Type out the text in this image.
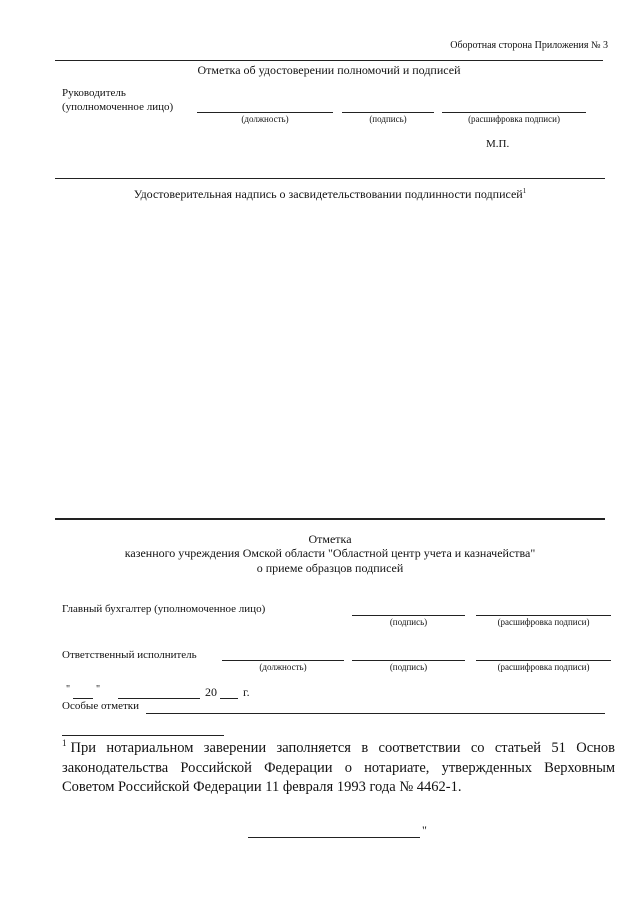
Оборотная сторона Приложения № 3
Отметка об удостоверении полномочий и подписей
Руководитель
(уполномоченное лицо)
(должность)	(подпись)	(расшифровка подписи)
М.П.
Удостоверительная надпись о засвидетельствовании подлинности подписей$^1$
Отметка
казенного учреждения Омской области "Областной центр учета и казначейства"
о приеме образцов подписей
Главный бухгалтер (уполномоченное лицо)
(подпись)	(расшифровка подписи)
Ответственный исполнитель
(должность)	(подпись)	(расшифровка подписи)
"	"	20 г.
Особые отметки
$^1$ При нотариальном заверении заполняется в соответствии со статьей 51 Основ законодательства Российской Федерации о нотариате, утвержденных Верховным Советом Российской Федерации 11 февраля 1993 года № 4462-1.
"
